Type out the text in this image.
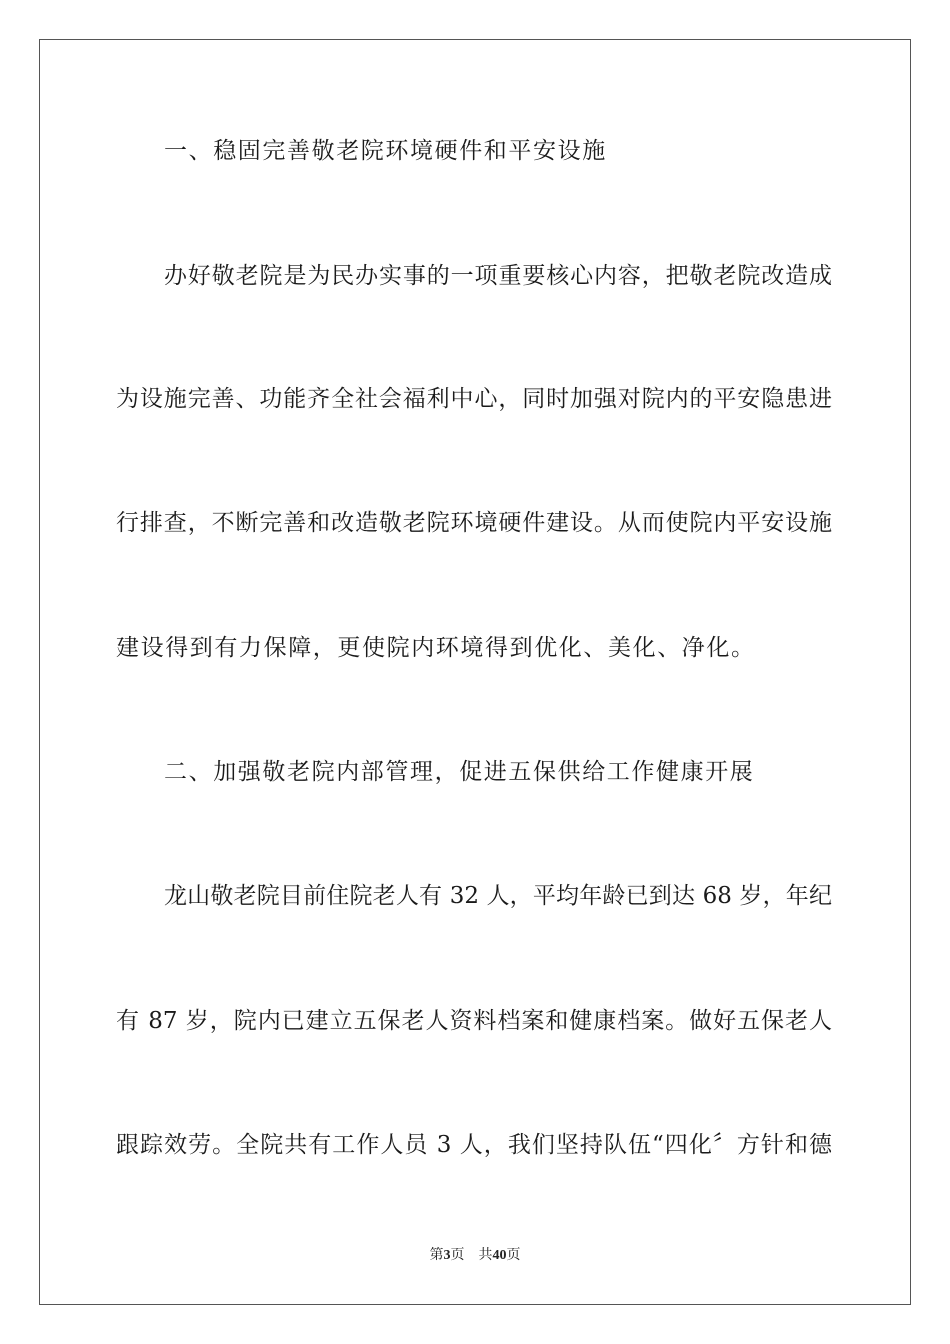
一、稳固完善敬老院环境硬件和平安设施
办好敬老院是为民办实事的一项重要核心内容，把敬老院改造成
为设施完善、功能齐全社会福利中心，同时加强对院内的平安隐患进
行排查，不断完善和改造敬老院环境硬件建设。从而使院内平安设施
建设得到有力保障，更使院内环境得到优化、美化、净化。
二、加强敬老院内部管理，促进五保供给工作健康开展
龙山敬老院目前住院老人有 32 人，平均年龄已到达 68 岁，年纪
有 87 岁，院内已建立五保老人资料档案和健康档案。做好五保老人
跟踪效劳。全院共有工作人员 3 人，我们坚持队伍“四化〞方针和德
第3页 共40页
